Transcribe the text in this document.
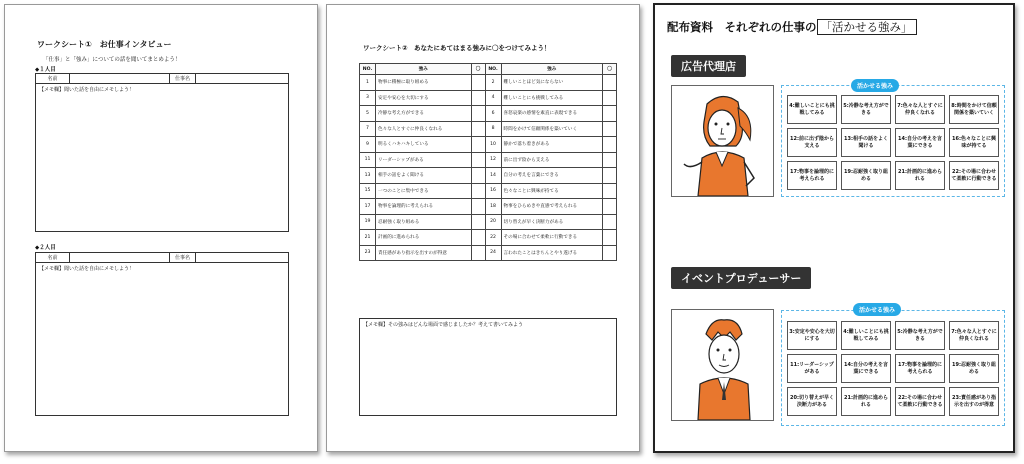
ワークシート①　お仕事インタビュー
「仕事」と「強み」についての話を聞いてまとめよう！
◆１人目
名前	仕事名
【メモ欄】聞いた話を自由にメモしよう！
◆２人目
名前	仕事名
【メモ欄】聞いた話を自由にメモしよう！
ワークシート②　あなたにあてはまる強みに〇をつけてみよう！
NO.	強み	〇	NO.	強み	〇
1	物事に積極に取り組める		2	難しいことほど気にならない	
3	安定や安心を大切にする		4	難しいことにも挑戦してみる	
5	冷静な考え方ができる		6	喜怒哀楽の感情を素直に表現できる	
7	色々な人とすぐに仲良くなれる		8	時間をかけて信頼関係を築いていく	
9	明るくハキハキしている		10	静かで落ち着きがある	
11	リーダーシップがある		12	前に出ず陰から支える	
13	相手の話をよく聞ける		14	自分の考えを言葉にできる	
15	一つのことに集中できる		16	色々なことに興味が持てる	
17	物事を論理的に考えられる		18	物事をひらめきや直感で考えられる	
19	忍耐強く取り組める		20	切り替えが早く決断力がある	
21	計画的に進められる		22	その場に合わせて柔軟に行動できる	
23	責任感があり指示を出すのが得意		24	言われたことはきちんとやり遂げる	
【メモ欄】その強みはどんな場面で感じましたか？考えて書いてみよう
配布資料　それぞれの仕事の 「活かせる強み」
広告代理店
活かせる強み
4:難しいことにも挑戦してみる
5:冷静な考え方ができる
7:色々な人とすぐに仲良くなれる
8:時間をかけて信頼関係を築いていく
12:前に出ず陰から支える
13:相手の話をよく聞ける
14:自分の考えを言葉にできる
16:色々なことに興味が持てる
17:物事を論理的に考えられる
19:忍耐強く取り組める
21:計画的に進められる
22:その場に合わせて柔軟に行動できる
イベントプロデューサー
活かせる強み
3:安定や安心を大切にする
4:難しいことにも挑戦してみる
5:冷静な考え方ができる
7:色々な人とすぐに仲良くなれる
11:リーダーシップがある
14:自分の考えを言葉にできる
17:物事を論理的に考えられる
19:忍耐強く取り組める
20:切り替えが早く決断力がある
21:計画的に進められる
22:その場に合わせて柔軟に行動できる
23:責任感があり指示を出すのが得意
